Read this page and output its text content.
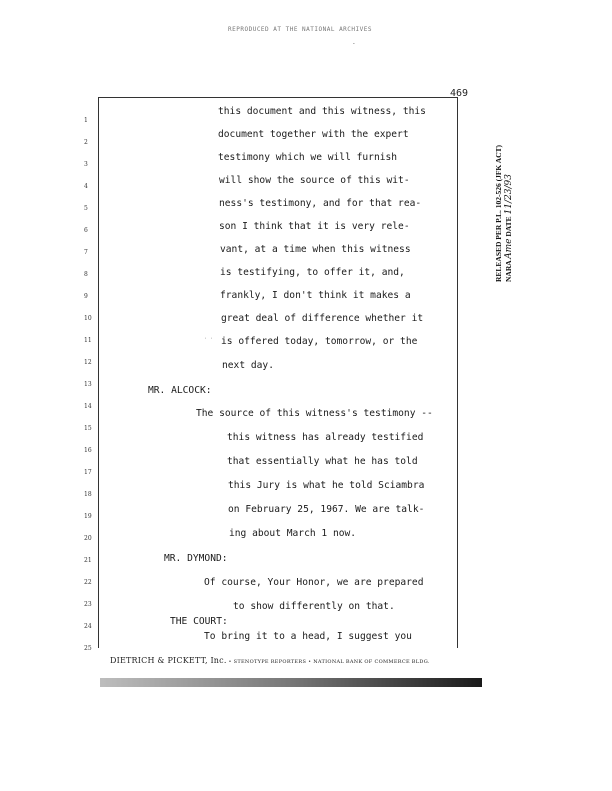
REPRODUCED AT THE NATIONAL ARCHIVES
-
469
1
2
3
4
5
6
7
8
9
10
11
12
13
14
15
16
17
18
19
20
21
22
23
24
25
this document and this witness, this
document together with the expert
testimony which we will furnish
will show the source of this wit-
ness's testimony, and for that rea-
son I think that it is very rele-
vant, at a time when this witness
is testifying, to offer it, and,
frankly, I don't think it makes a
great deal of difference whether it
is offered today, tomorrow, or the
next day.
MR. ALCOCK:
The source of this witness's testimony --
this witness has already testified
that essentially what he has told
this Jury is what he told Sciambra
on February 25, 1967. We are talk-
ing about March 1 now.
MR. DYMOND:
Of course, Your Honor, we are prepared
to show differently on that.
THE COURT:
To bring it to a head, I suggest you
· ·
DIETRICH & PICKETT, Inc. • STENOTYPE REPORTERS • NATIONAL BANK OF COMMERCE BLDG.
RELEASED PER P.L. 102-526 (JFK ACT) NARA Ame DATE 11/23/93
